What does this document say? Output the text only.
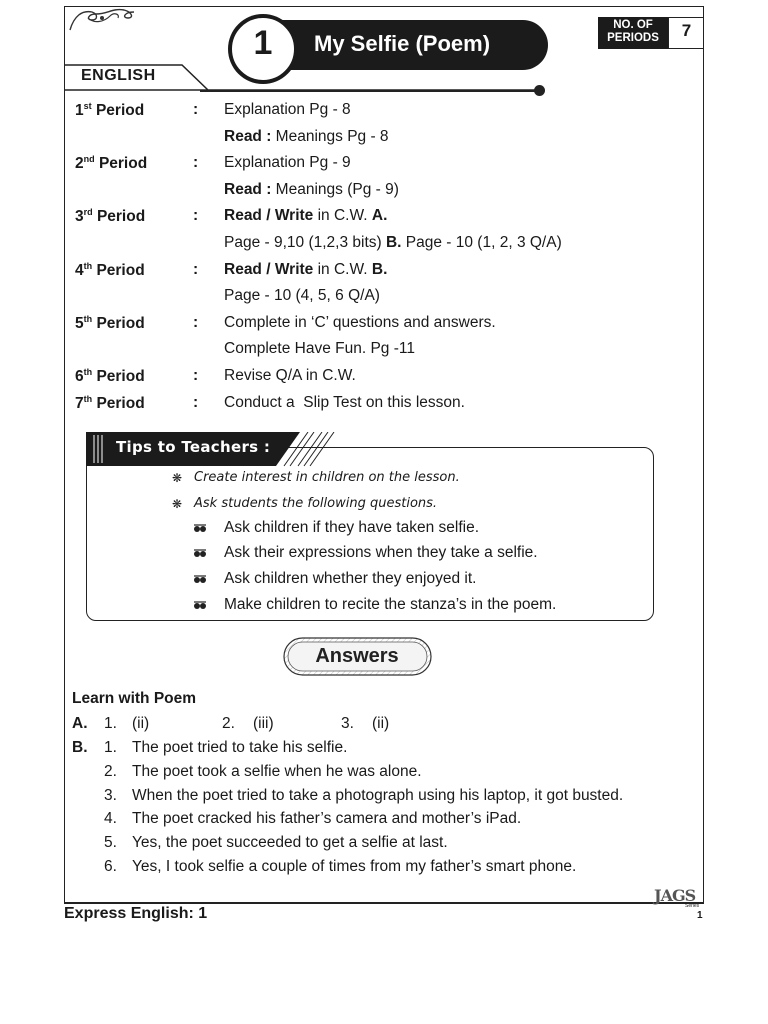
1	My Selfie (Poem)
ENGLISH
NO. OF
PERIODS	7
1st Period	: Explanation Pg - 8
Read : Meanings Pg - 8
2nd Period	: Explanation Pg - 9
Read : Meanings (Pg - 9)
3rd Period	: Read / Write in C.W. A.
Page - 9,10 (1,2,3 bits) B. Page - 10 (1, 2, 3 Q/A)
4th Period	: Read / Write in C.W. B.
Page - 10 (4, 5, 6 Q/A)
5th Period	: Complete in ‘C’ questions and answers.
Complete Have Fun. Pg -11
6th Period	: Revise Q/A in C.W.
7th Period	: Conduct a  Slip Test on this lesson.
Tips to Teachers :
❋ Create interest in children on the lesson.
❋ Ask students the following questions.
Ask children if they have taken selfie.
Ask their expressions when they take a selfie.
Ask children whether they enjoyed it.
Make children to recite the stanza’s in the poem.
Answers
Learn with Poem
A. 1. (ii)	2. (iii)	3. (ii)
B. 1. The poet tried to take his selfie.
2. The poet took a selfie when he was alone.
3. When the poet tried to take a photograph using his laptop, it got busted.
4. The poet cracked his father’s camera and mother’s iPad.
5. Yes, the poet succeeded to get a selfie at last.
6. Yes, I took selfie a couple of times from my father’s smart phone.
Express English: 1
JAGS
Series
1
